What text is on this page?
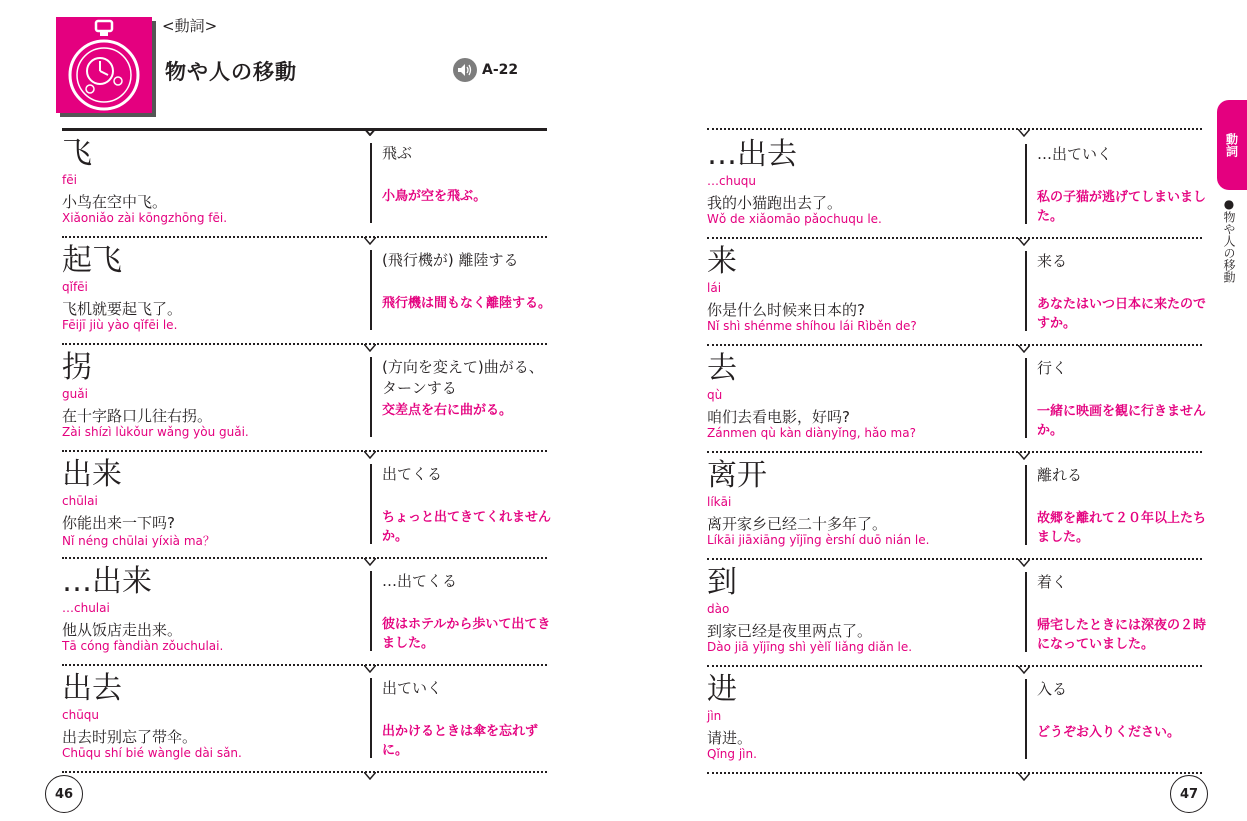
<動詞>
物や人の移動	A-22
動詞
●物や人の移動
飞
fēi
小鸟在空中飞。
Xiǎoniǎo zài kōngzhōng fēi.
飛ぶ
小鳥が空を飛ぶ。
起飞
qǐfēi
飞机就要起飞了。
Fēijī jiù yào qǐfēi le.
(飛行機が) 離陸する
飛行機は間もなく離陸する。
拐
guǎi
在十字路口儿往右拐。
Zài shízì lùkǒur wǎng yòu guǎi.
(方向を変えて)曲がる、ターンする
交差点を右に曲がる。
出来
chūlai
你能出来一下吗?
Nǐ néng chūlai yíxià ma？
出てくる
ちょっと出てきてくれませんか。
…出来
…chulai
他从饭店走出来。
Tā cóng fàndiàn zǒuchulai.
…出てくる
彼はホテルから歩いて出てきました。
出去
chūqu
出去时别忘了带伞。
Chūqu shí bié wàngle dài sǎn.
出ていく
出かけるときは傘を忘れずに。
…出去
…chuqu
我的小猫跑出去了。
Wǒ de xiǎomāo pǎochuqu le.
…出ていく
私の子猫が逃げてしまいました。
来
lái
你是什么时候来日本的?
Nǐ shì shénme shíhou lái Rìběn de?
来る
あなたはいつ日本に来たのですか。
去
qù
咱们去看电影，好吗?
Zánmen qù kàn diànyǐng, hǎo ma?
行く
一緒に映画を観に行きませんか。
离开
líkāi
离开家乡已经二十多年了。
Líkāi jiāxiāng yǐjīng èrshí duō nián le.
離れる
故郷を離れて２０年以上たちました。
到
dào
到家已经是夜里两点了。
Dào jiā yǐjīng shì yèlǐ liǎng diǎn le.
着く
帰宅したときには深夜の２時になっていました。
进
jìn
请进。
Qǐng jìn.
入る
どうぞお入りください。
46	47
